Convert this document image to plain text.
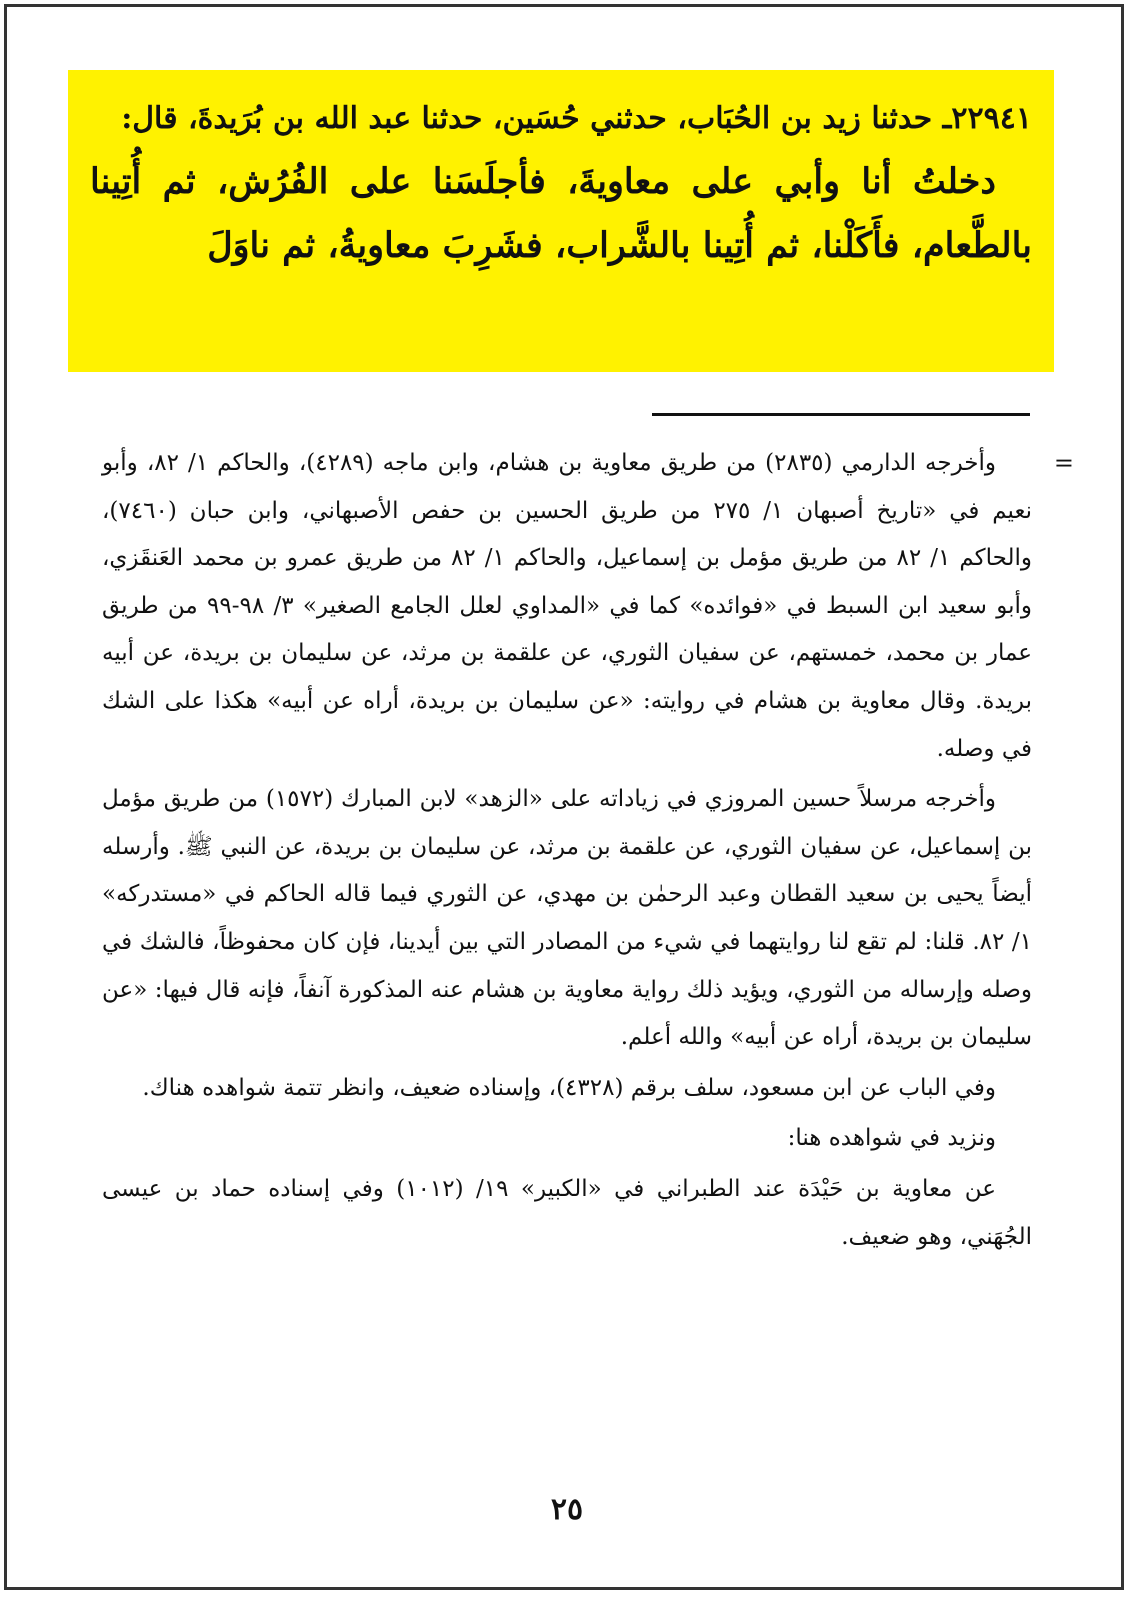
٢٢٩٤١ـ حدثنا زيد بن الحُبَاب، حدثني حُسَين، حدثنا عبد الله بن بُرَيدةَ، قال:

دخلتُ أنا وأبي على معاويةَ، فأجلَسَنا على الفُرُش، ثم أُتِينا بالطَّعام، فأَكَلْنا، ثم أُتِينا بالشَّراب، فشَرِبَ معاويةُ، ثم ناوَلَ

=
وأخرجه الدارمي (٢٨٣٥) من طريق معاوية بن هشام، وابن ماجه (٤٢٨٩)، والحاكم ١/ ٨٢، وأبو نعيم في «تاريخ أصبهان ١/ ٢٧٥ من طريق الحسين بن حفص الأصبهاني، وابن حبان (٧٤٦٠)، والحاكم ١/ ٨٢ من طريق مؤمل بن إسماعيل، والحاكم ١/ ٨٢ من طريق عمرو بن محمد العَنقَزي، وأبو سعيد ابن السبط في «فوائده» كما في «المداوي لعلل الجامع الصغير» ٣/ ٩٨-٩٩ من طريق عمار بن محمد، خمستهم، عن سفيان الثوري، عن علقمة بن مرثد، عن سليمان بن بريدة، عن أبيه بريدة. وقال معاوية بن هشام في روايته: «عن سليمان بن بريدة، أراه عن أبيه» هكذا على الشك في وصله.

وأخرجه مرسلاً حسين المروزي في زياداته على «الزهد» لابن المبارك (١٥٧٢) من طريق مؤمل بن إسماعيل، عن سفيان الثوري، عن علقمة بن مرثد، عن سليمان بن بريدة، عن النبي ﷺ. وأرسله أيضاً يحيى بن سعيد القطان وعبد الرحمٰن بن مهدي، عن الثوري فيما قاله الحاكم في «مستدركه» ١/ ٨٢. قلنا: لم تقع لنا روايتهما في شيء من المصادر التي بين أيدينا، فإن كان محفوظاً، فالشك في وصله وإرساله من الثوري، ويؤيد ذلك رواية معاوية بن هشام عنه المذكورة آنفاً، فإنه قال فيها: «عن سليمان بن بريدة، أراه عن أبيه» والله أعلم.

وفي الباب عن ابن مسعود، سلف برقم (٤٣٢٨)، وإسناده ضعيف، وانظر تتمة شواهده هناك.

ونزيد في شواهده هنا:

عن معاوية بن حَيْدَة عند الطبراني في «الكبير» ١٩/ (١٠١٢) وفي إسناده حماد بن عيسى الجُهَني، وهو ضعيف.

٢٥
